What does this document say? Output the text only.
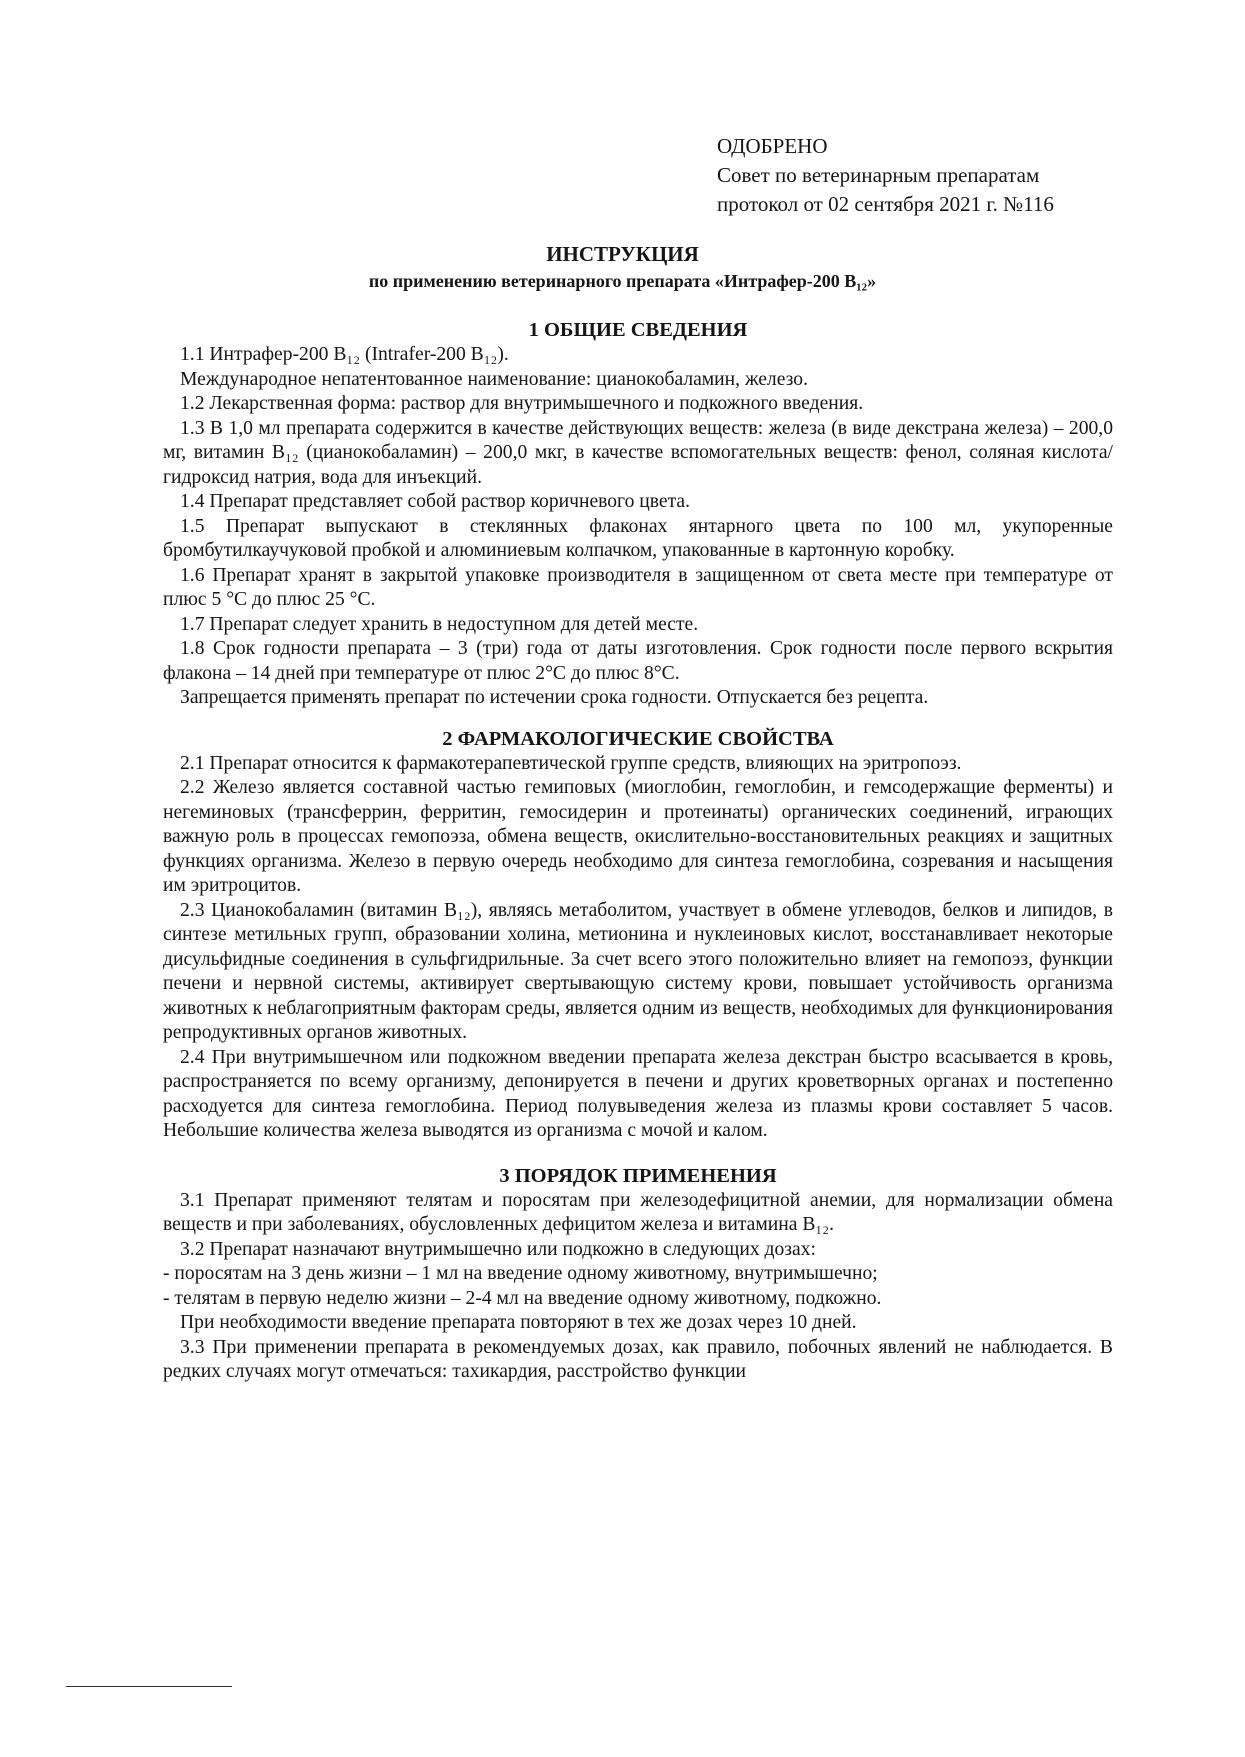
ОДОБРЕНО
Совет по ветеринарным препаратам
протокол от 02 сентября 2021 г. №116
ИНСТРУКЦИЯ
по применению ветеринарного препарата «Интрафер-200 B₁₂»
1 ОБЩИЕ СВЕДЕНИЯ

1.1 Интрафер-200 B₁₂ (Intrafer-200 B₁₂).

Международное непатентованное наименование: цианокобаламин, железо.

1.2 Лекарственная форма: раствор для внутримышечного и подкожного введения.

1.3 В 1,0 мл препарата содержится в качестве действующих веществ: железа (в виде декстрана железа) – 200,0 мг, витамин B₁₂ (цианокобаламин) – 200,0 мкг, в качестве вспомогательных веществ: фенол, соляная кислота/гидроксид натрия, вода для инъекций.

1.4 Препарат представляет собой раствор коричневого цвета.

1.5 Препарат выпускают в стеклянных флаконах янтарного цвета по 100 мл, укупоренные бромбутилкаучуковой пробкой и алюминиевым колпачком, упакованные в картонную коробку.

1.6 Препарат хранят в закрытой упаковке производителя в защищенном от света месте при температуре от плюс 5 °C до плюс 25 °C.

1.7 Препарат следует хранить в недоступном для детей месте.

1.8 Срок годности препарата – 3 (три) года от даты изготовления. Срок годности после первого вскрытия флакона – 14 дней при температуре от плюс 2°C до плюс 8°C.

Запрещается применять препарат по истечении срока годности. Отпускается без рецепта.

2 ФАРМАКОЛОГИЧЕСКИЕ СВОЙСТВА

2.1 Препарат относится к фармакотерапевтической группе средств, влияющих на эритропоэз.

2.2 Железо является составной частью гемиповых (миоглобин, гемоглобин, и гемсодержащие ферменты) и негеминовых (трансферрин, ферритин, гемосидерин и протеинаты) органических соединений, играющих важную роль в процессах гемопоэза, обмена веществ, окислительно-восстановительных реакциях и защитных функциях организма. Железо в первую очередь необходимо для синтеза гемоглобина, созревания и насыщения им эритроцитов.

2.3 Цианокобаламин (витамин B₁₂), являясь метаболитом, участвует в обмене углеводов, белков и липидов, в синтезе метильных групп, образовании холина, метионина и нуклеиновых кислот, восстанавливает некоторые дисульфидные соединения в сульфгидрильные. За счет всего этого положительно влияет на гемопоэз, функции печени и нервной системы, активирует свертывающую систему крови, повышает устойчивость организма животных к неблагоприятным факторам среды, является одним из веществ, необходимых для функционирования репродуктивных органов животных.

2.4 При внутримышечном или подкожном введении препарата железа декстран быстро всасывается в кровь, распространяется по всему организму, депонируется в печени и других кроветворных органах и постепенно расходуется для синтеза гемоглобина. Период полувыведения железа из плазмы крови составляет 5 часов. Небольшие количества железа выводятся из организма с мочой и калом.

3 ПОРЯДОК ПРИМЕНЕНИЯ

3.1 Препарат применяют телятам и поросятам при железодефицитной анемии, для нормализации обмена веществ и при заболеваниях, обусловленных дефицитом железа и витамина B₁₂.

3.2 Препарат назначают внутримышечно или подкожно в следующих дозах:

- поросятам на 3 день жизни – 1 мл на введение одному животному, внутримышечно;

- телятам в первую неделю жизни – 2-4 мл на введение одному животному, подкожно.

При необходимости введение препарата повторяют в тех же дозах через 10 дней.

3.3 При применении препарата в рекомендуемых дозах, как правило, побочных явлений не наблюдается. В редких случаях могут отмечаться: тахикардия, расстройство функции
